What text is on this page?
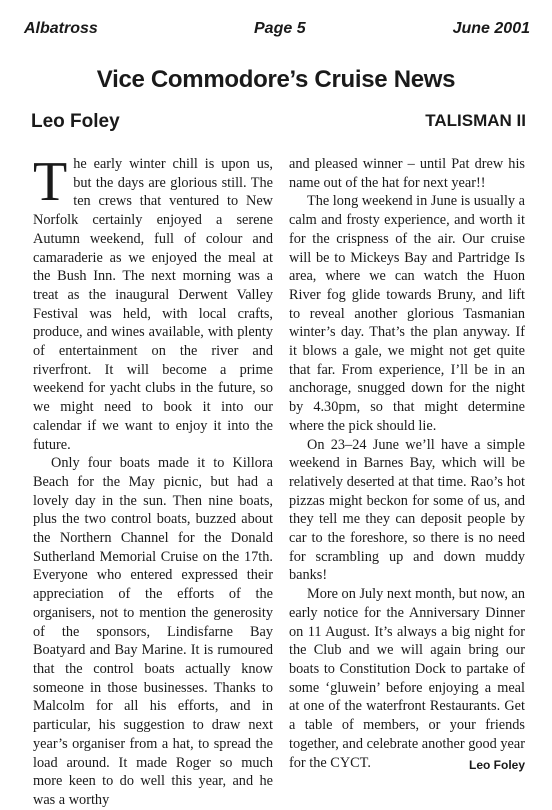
Albatross	Page 5	June 2001
Vice Commodore’s Cruise News
Leo Foley	TALISMAN II

The early winter chill is upon us, but the days are glorious still. The ten crews that ventured to New Norfolk certainly enjoyed a serene Autumn weekend, full of colour and camaraderie as we enjoyed the meal at the Bush Inn. The next morning was a treat as the inaugural Derwent Valley Festival was held, with local crafts, produce, and wines available, with plenty of entertainment on the river and riverfront. It will become a prime weekend for yacht clubs in the future, so we might need to book it into our calendar if we want to enjoy it into the future.

Only four boats made it to Killora Beach for the May picnic, but had a lovely day in the sun. Then nine boats, plus the two control boats, buzzed about the Northern Channel for the Donald Sutherland Memorial Cruise on the 17th. Everyone who entered expressed their appreciation of the efforts of the organisers, not to mention the generosity of the sponsors, Lindisfarne Bay Boatyard and Bay Marine. It is rumoured that the control boats actually know someone in those businesses. Thanks to Malcolm for all his efforts, and in particular, his suggestion to draw next year’s organiser from a hat, to spread the load around. It made Roger so much more keen to do well this year, and he was a worthy

and pleased winner – until Pat drew his name out of the hat for next year!!

The long weekend in June is usually a calm and frosty experience, and worth it for the crispness of the air. Our cruise will be to Mickeys Bay and Partridge Is area, where we can watch the Huon River fog glide towards Bruny, and lift to reveal another glorious Tasmanian winter’s day. That’s the plan anyway. If it blows a gale, we might not get quite that far. From experience, I’ll be in an anchorage, snugged down for the night by 4.30pm, so that might determine where the pick should lie.

On 23–24 June we’ll have a simple weekend in Barnes Bay, which will be relatively deserted at that time. Rao’s hot pizzas might beckon for some of us, and they tell me they can deposit people by car to the foreshore, so there is no need for scrambling up and down muddy banks!

More on July next month, but now, an early notice for the Anniversary Dinner on 11 August. It’s always a big night for the Club and we will again bring our boats to Constitution Dock to partake of some ‘gluwein’ before enjoying a meal at one of the waterfront Restaurants. Get a table of members, or your friends together, and celebrate another good year for the CYCT.	Leo Foley
